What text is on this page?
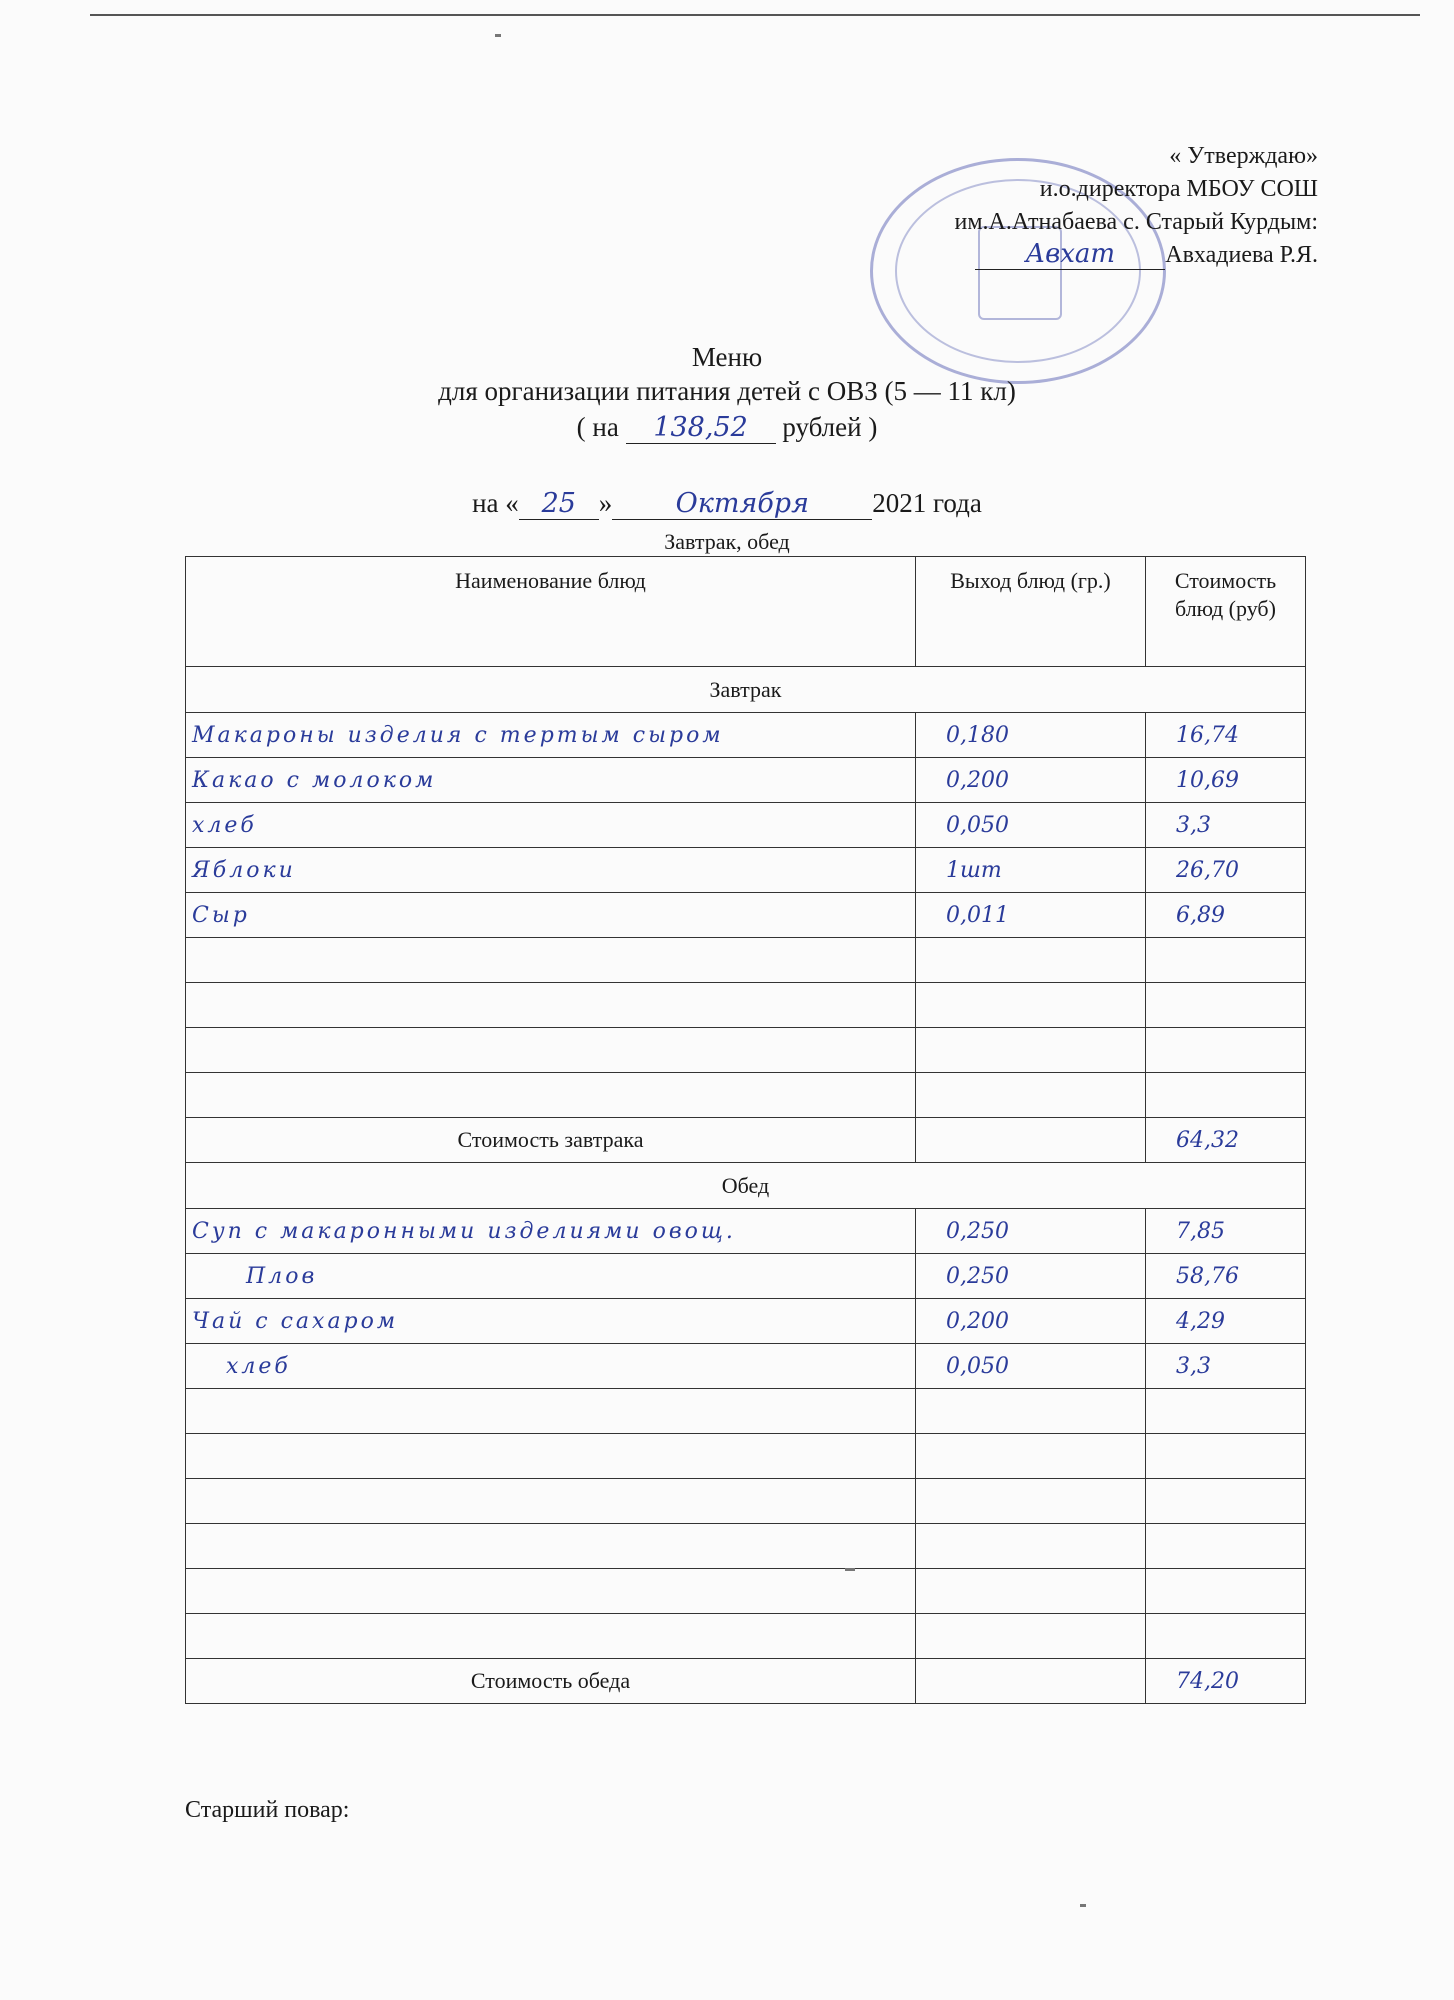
« Утверждаю»
и.о.директора МБОУ СОШ
им.А.Атнабаева с. Старый Курдым:
Авхат Авхадиева Р.Я.
Меню
для организации питания детей с ОВЗ (5 — 11 кл)
( на 138,52 рублей )
на « 25 » Октября 2021 года
Завтрак, обед
Наименование блюд	Выход блюд (гр.)	Стоимость блюд (руб)
Завтрак		
Макароны изделия с тертым сыром	0,180	16,74
Какао с молоком	0,200	10,69
хлеб	0,050	3,3
Яблоки	1шт	26,70
Сыр	0,011	6,89

Стоимость завтрака		64,32
Обед		
Суп с макаронными изделиями овощ.	0,250	7,85
Плов	0,250	58,76
Чай с сахаром	0,200	4,29
хлеб	0,050	3,3

Стоимость обеда		74,20
Старший повар:
